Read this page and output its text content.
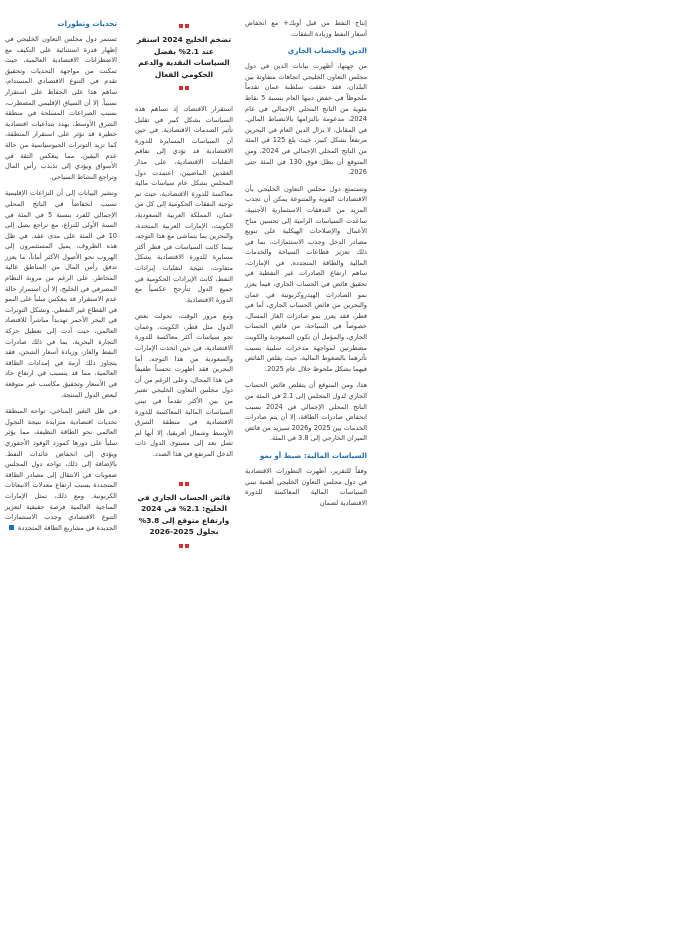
إنتاج النفط من قبل أوبك+ مع انخفاض أسعار النفط وزيادة النفقات.

الدين والحساب الجاري

من جهتها، أظهرت بيانات الدين في دول مجلس التعاون الخليجي اتجاهات متفاوتة بين البلدان، فقد حققت سلطنة عمان تقدماً ملحوظاً في خفض دينها العام بنسبة 5 نقاط مئوية من الناتج المحلي الإجمالي في عام 2024، مدعومة بالتزامها بالانضباط المالي. في المقابل، لا يزال الدين العام في البحرين مرتفعاً بشكل كبير، حيث بلغ 125 في المئة من الناتج المحلي الإجمالي في 2024، ومن المتوقع أن يظل فوق 130 في المئة حتى 2026.

وتستمتع دول مجلس التعاون الخليجي بأن الاقتصادات القوية والمتنوعة يمكن أن تجذب المزيد من التدفقات الاستثمارية الأجنبية، ساعدت السياسات الرامية إلى تحسين مناخ الأعمال والإصلاحات الهيكلية على تنويع مصادر الدخل وجذب الاستثمارات، بما في ذلك تعزيز قطاعات السياحة والخدمات المالية والطاقة المتجددة. في الإمارات، ساهم ارتفاع الصادرات غير النفطية في تحقيق فائض في الحساب الجاري، فيما يعزز نمو الصادرات الهيدروكربونية في عمان والبحرين من فائض الحساب الجاري، أما في قطر، فقد يعزز نمو صادرات الغاز المسال، خصوصاً في السياحة، من فائض الحساب الجاري، والمؤمل أن تكون السعودية والكويت مضطرتين لمواجهة مدخرات سلبية بسبب تأثرهما بالضغوط المالية، حيث يقلص الفائض فيهما بشكل ملحوظ خلال عام 2025.

هذا، ومن المتوقع أن يتقلص فائض الحساب الجاري لدول المجلس إلى 2.1 في المئة من الناتج المحلي الإجمالي في 2024 بسبب انخفاض صادرات الطاقة، إلا أن يتم صادرات الخدمات بين 2025 و2026 سيزيد من فائض الميزان الخارجي إلى 3.8 في المئة.

السياسات المالية: ضبط أو نمو

وفقاً للتقرير، أظهرت التطورات الاقتصادية في دول مجلس التعاون الخليجي أهمية تبني السياسات المالية المعاكسة للدورة الاقتصادية لضمان

تضخم الخليج 2024 استقر عند 2.1% بفضل السياسات النقدية والدعم الحكومي الفعال

استقرار الاقتصاد، إذ تساهم هذه السياسات بشكل كبير في تقليل تأثير الصدمات الاقتصادية. في حين أن السياسات المسايرة للدورة الاقتصادية قد تؤدي إلى تفاقم التقلبات الاقتصادية، على مدار العقدين الماضيين، اعتمدت دول المجلس بشكل عام سياسات مالية معاكسة للدورة الاقتصادية، حيث تم توجيه النفقات الحكومية إلى كل من عمان، المملكة العربية السعودية، الكويت، الإمارات العربية المتحدة، والبحرين بما يتماشى مع هذا التوجه، بينما كانت السياسات في قطر أكثر مسايرة للدورة الاقتصادية بشكل متفاوت، نتيجة لتقلبات إيرادات النفط، كانت الإيرادات الحكومية في جميع الدول تتأرجح عكسياً مع الدورة الاقتصادية.

ومع مرور الوقت، تحولت بعض الدول مثل قطر، الكويت، وعمان نحو سياسات أكثر معاكسة للدورة الاقتصادية، في حين اتخذت الإمارات والسعودية من هذا التوجه. أما البحرين فقد أظهرت تحسناً طفيفاً في هذا المجال، وعلى الرغم من أن دول مجلس التعاون الخليجي تعتبر من بين الأكثر تقدماً في تبني السياسات المالية المعاكسة للدورة الاقتصادية في منطقة الشرق الأوسط وشمال أفريقيا، إلا أنها لم تصل بعد إلى مستوى الدول ذات الدخل المرتفع في هذا الصدد.

فائض الحساب الجاري في الخليج: 2.1% في 2024 وارتفاع متوقع إلى 3.8% بحلول 2025-2026
تحديات وتطورات

تستمر دول مجلس التعاون الخليجي في إظهار قدرة استثنائية على التكيف مع الاضطرابات الاقتصادية العالمية، حيث تمكنت من مواجهة التحديات وتحقيق تقدم في التنوع الاقتصادي المستدام، ساهم هذا على الحفاظ على استقرار نسبياً. إلا أن السياق الإقليمي المضطرب، بسبب الصراعات المسلحة في منطقة الشرق الأوسط، يهدد بتداعيات اقتصادية خطيرة قد تؤثر على استقرار المنطقة، كما تزيد التوترات الجيوسياسية من حالة عدم اليقين، مما ينعكس الثقة في الأسواق ويؤدي إلى تذبذب رأس المال وتراجع النشاط السياحي.

وتشير البيانات إلى أن النزاعات الإقليمية تسبب انخفاضاً في الناتج المحلي الإجمالي للفرد بنسبة 5 في المئة في السنة الأولى للنزاع، مع تراجع يصل إلى 10 في المئة على مدى عقد. في ظل هذه الظروف، يميل المستثمرون إلى الهروب نحو الأصول الأكثر أماناً، ما يعزز تدفق رأس المال من المناطق عالية المخاطر. على الرغم من مرونة النظام المصرفي في الخليج، إلا أن استمرار حالة عدم الاستقرار قد ينعكس سلباً على النمو في القطاع غير النفطي. وتشكل التوترات في البحر الأحمر تهديداً مباشراً للاقتصاد العالمي، حيث أدت إلى تعطيل حركة التجارة البحرية، بما في ذلك صادرات النفط والغاز، وزيادة أسعار الشحن، فقد يتجاوز ذلك أزمة في إمدادات الطاقة العالمية، مما قد يتسبب في ارتفاع حاد في الأسعار وتحقيق مكاسب غير متوقعة لبعض الدول المنتجة.

في ظل التغير المناخي، تواجه المنطقة تحديات اقتصادية متزايدة نتيجة التحول العالمي نحو الطاقة النظيفة، مما يؤثر سلباً على دورها كمورد الوقود الأحفوري ويؤدي إلى انخفاض عائدات النفط. بالإضافة إلى ذلك، تواجه دول المجلس صعوبات في الانتقال إلى مصادر الطاقة المتجددة بسبب ارتفاع معدلات الانبعاثات الكربونية. ومع ذلك، تمثل الإمارات المناخية العالمية فرصة حقيقية لتعزيز التنوع الاقتصادي وجذب الاستثمارات الجديدة في مشاريع الطاقة المتجددة
